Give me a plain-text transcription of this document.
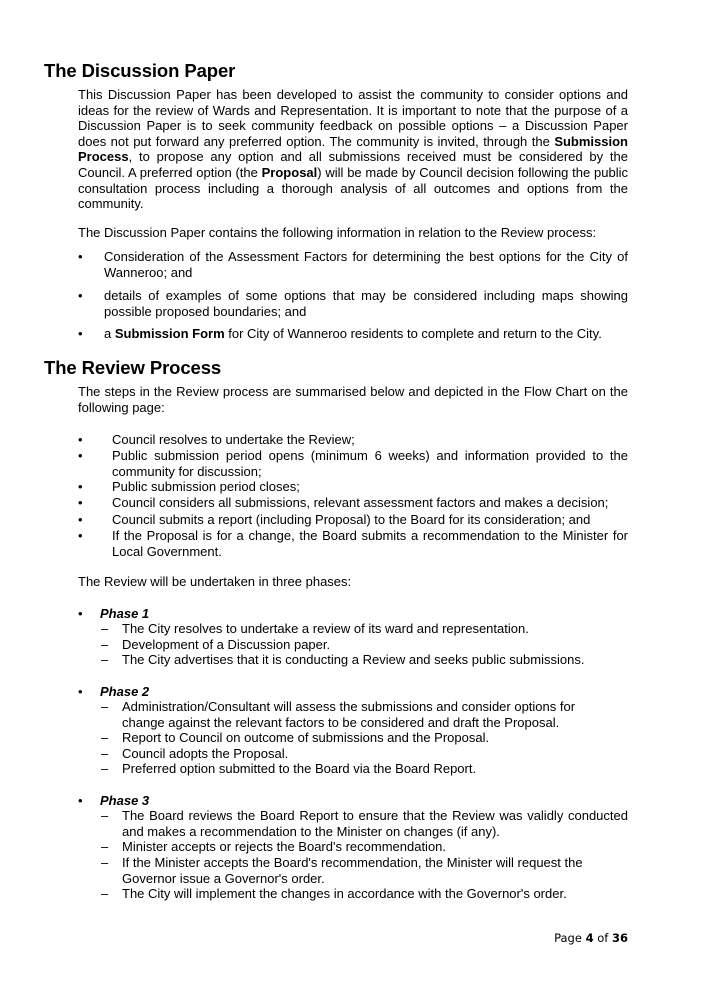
The Discussion Paper

This Discussion Paper has been developed to assist the community to consider options and ideas for the review of Wards and Representation. It is important to note that the purpose of a Discussion Paper is to seek community feedback on possible options – a Discussion Paper does not put forward any preferred option. The community is invited, through the Submission Process, to propose any option and all submissions received must be considered by the Council. A preferred option (the Proposal) will be made by Council decision following the public consultation process including a thorough analysis of all outcomes and options from the community.

The Discussion Paper contains the following information in relation to the Review process:

• Consideration of the Assessment Factors for determining the best options for the City of Wanneroo; and

• details of examples of some options that may be considered including maps showing possible proposed boundaries; and

• a Submission Form for City of Wanneroo residents to complete and return to the City.

The Review Process

The steps in the Review process are summarised below and depicted in the Flow Chart on the following page:

• Council resolves to undertake the Review;

• Public submission period opens (minimum 6 weeks) and information provided to the community for discussion;

• Public submission period closes;

• Council considers all submissions, relevant assessment factors and makes a decision;

• Council submits a report (including Proposal) to the Board for its consideration; and

• If the Proposal is for a change, the Board submits a recommendation to the Minister for Local Government.

The Review will be undertaken in three phases:

• Phase 1

– The City resolves to undertake a review of its ward and representation.

– Development of a Discussion paper.

– The City advertises that it is conducting a Review and seeks public submissions.

• Phase 2

– Administration/Consultant will assess the submissions and consider options for change against the relevant factors to be considered and draft the Proposal.

– Report to Council on outcome of submissions and the Proposal.

– Council adopts the Proposal.

– Preferred option submitted to the Board via the Board Report.

• Phase 3

– The Board reviews the Board Report to ensure that the Review was validly conducted and makes a recommendation to the Minister on changes (if any).

– Minister accepts or rejects the Board's recommendation.

– If the Minister accepts the Board's recommendation, the Minister will request the Governor issue a Governor's order.

– The City will implement the changes in accordance with the Governor's order.

Page 4 of 36
